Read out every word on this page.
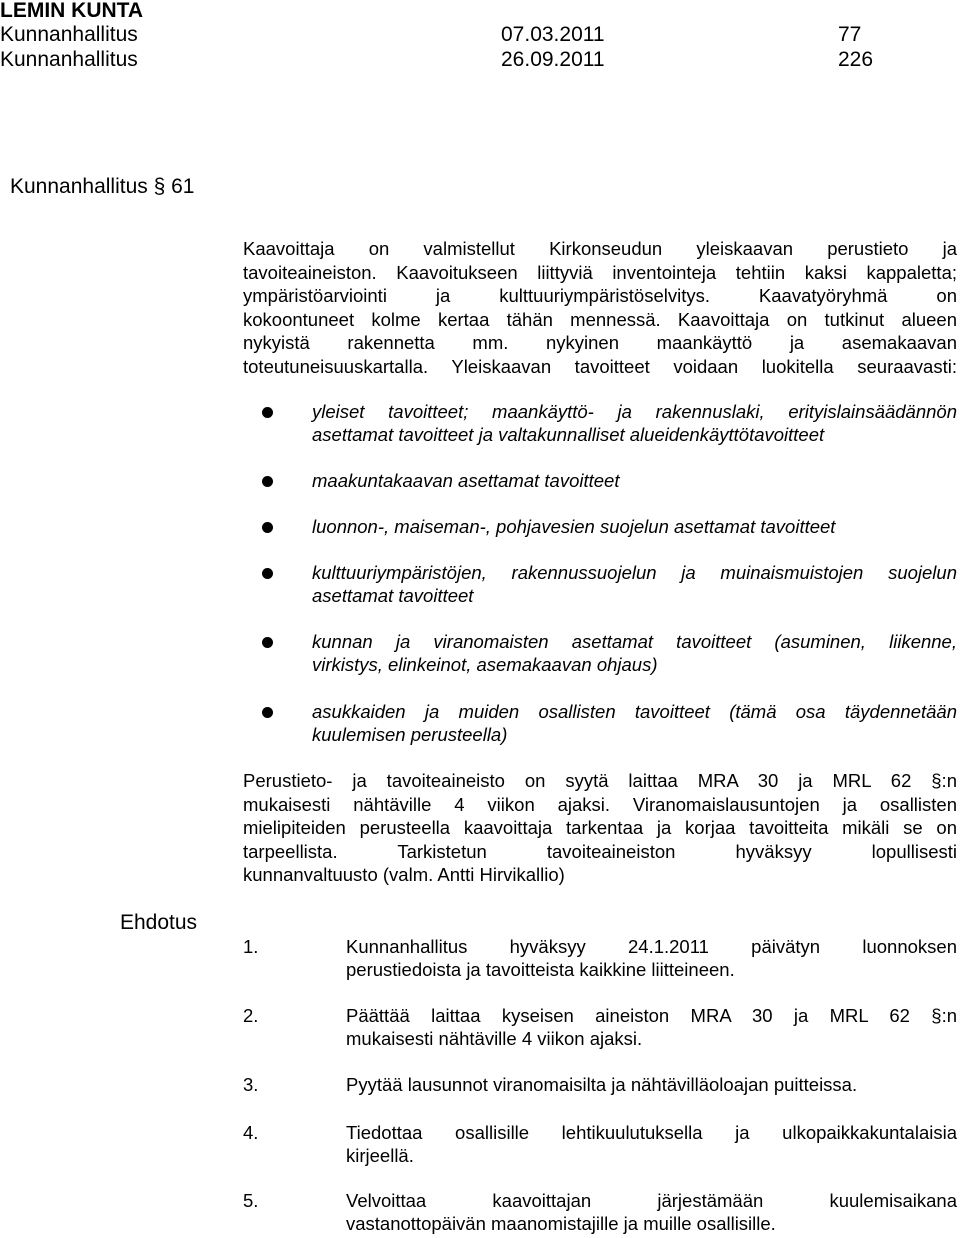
LEMIN KUNTA
Kunnanhallitus	07.03.2011	77
Kunnanhallitus	26.09.2011	226
Kunnanhallitus § 61
Kaavoittaja on valmistellut Kirkonseudun yleiskaavan perustieto ja
tavoiteaineiston. Kaavoitukseen liittyviä inventointeja tehtiin kaksi kappaletta;
ympäristöarviointi ja kulttuuriympäristöselvitys. Kaavatyöryhmä on
kokoontuneet kolme kertaa tähän mennessä. Kaavoittaja on tutkinut alueen
nykyistä rakennetta mm. nykyinen maankäyttö ja asemakaavan
toteutuneisuuskartalla. Yleiskaavan tavoitteet voidaan luokitella seuraavasti:
yleiset tavoitteet; maankäyttö- ja rakennuslaki, erityislainsäädännön
asettamat tavoitteet ja valtakunnalliset alueidenkäyttötavoitteet
maakuntakaavan asettamat tavoitteet
luonnon-, maiseman-, pohjavesien suojelun asettamat tavoitteet
kulttuuriympäristöjen, rakennussuojelun ja muinaismuistojen suojelun
asettamat tavoitteet
kunnan ja viranomaisten asettamat tavoitteet (asuminen, liikenne,
virkistys, elinkeinot, asemakaavan ohjaus)
asukkaiden ja muiden osallisten tavoitteet (tämä osa täydennetään
kuulemisen perusteella)
Perustieto- ja tavoiteaineisto on syytä laittaa MRA 30 ja MRL 62 §:n
mukaisesti nähtäville 4 viikon ajaksi. Viranomaislausuntojen ja osallisten
mielipiteiden perusteella kaavoittaja tarkentaa ja korjaa tavoitteita mikäli se on
tarpeellista. Tarkistetun tavoiteaineiston hyväksyy lopullisesti
kunnanvaltuusto (valm. Antti Hirvikallio)
Ehdotus
1.	Kunnanhallitus hyväksyy 24.1.2011 päivätyn luonnoksen
perustiedoista ja tavoitteista kaikkine liitteineen.
2.	Päättää laittaa kyseisen aineiston MRA 30 ja MRL 62 §:n
mukaisesti nähtäville 4 viikon ajaksi.
3.	Pyytää lausunnot viranomaisilta ja nähtävilläoloajan puitteissa.
4.	Tiedottaa osallisille lehtikuulutuksella ja ulkopaikkakuntalaisia
kirjeellä.
5.	Velvoittaa kaavoittajan järjestämään kuulemisaikana
vastanottopäivän maanomistajille ja muille osallisille.
